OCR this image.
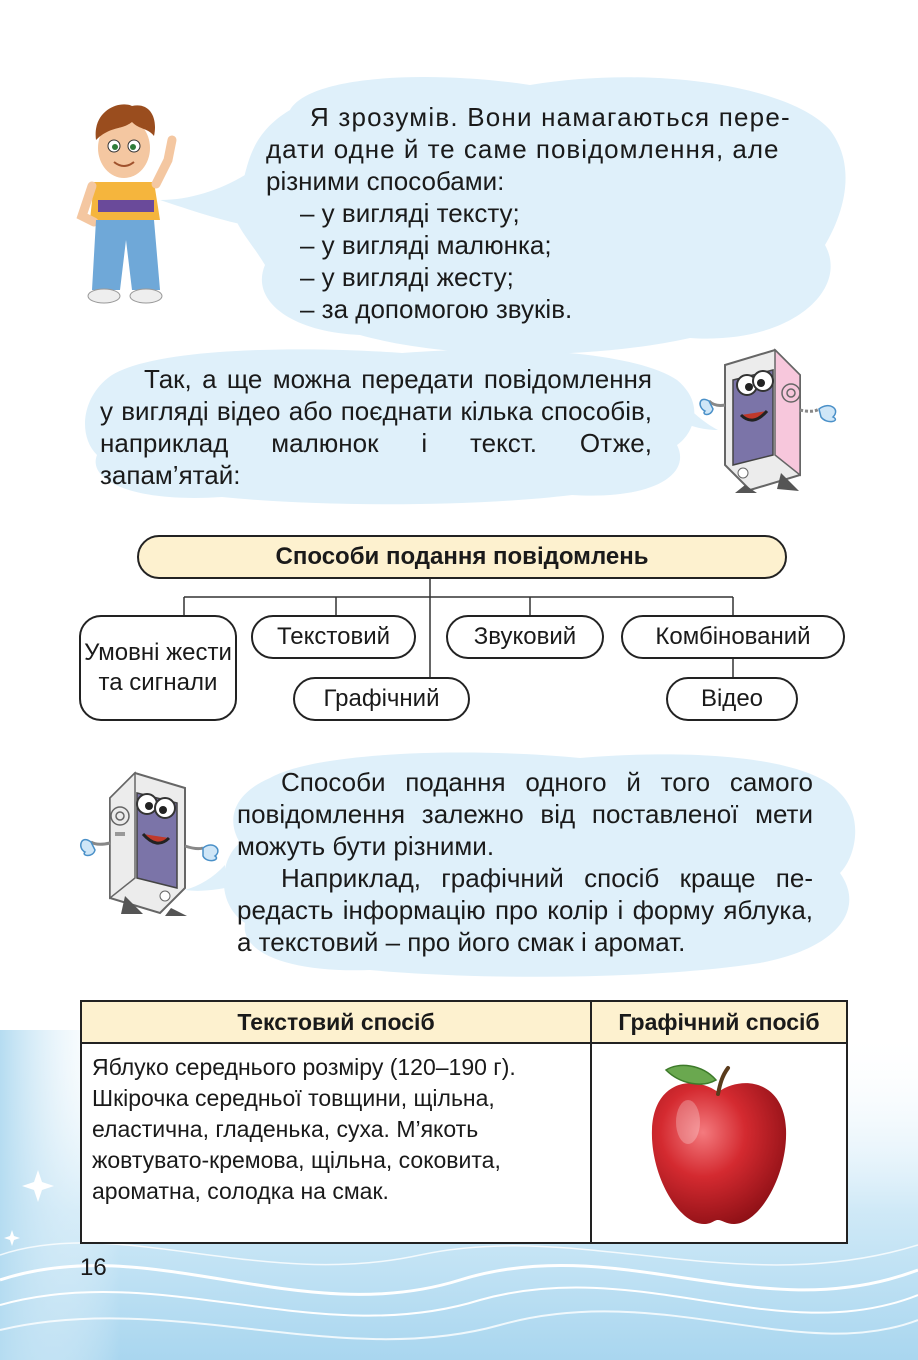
Я зрозумів. Вони намагаються пере-
дати одне й те саме повідомлення, але
різними способами:
– у вигляді тексту;
– у вигляді малюнка;
– у вигляді жесту;
– за допомогою звуків.
Так, а ще можна передати повідомлення у вигляді відео або поєднати кілька способів, наприклад малюнок і текст. Отже, запам’ятай:
Способи подання повідомлень
Умовні жести та сигнали
Текстовий	Звуковий	Комбінований
Графічний	Відео
Способи подання одного й того самого повідомлення залежно від поставленої мети можуть бути різними.
Наприклад, графічний спосіб краще передасть інформацію про колір і форму яблука, а текстовий – про його смак і аромат.
Текстовий спосіб	Графічний спосіб
Яблуко середнього розміру (120–190 г). Шкірочка середньої товщини, щільна, еластична, гладенька, суха. М’якоть жовтувато-кремова, щільна, соковита, ароматна, солодка на смак.	
16
